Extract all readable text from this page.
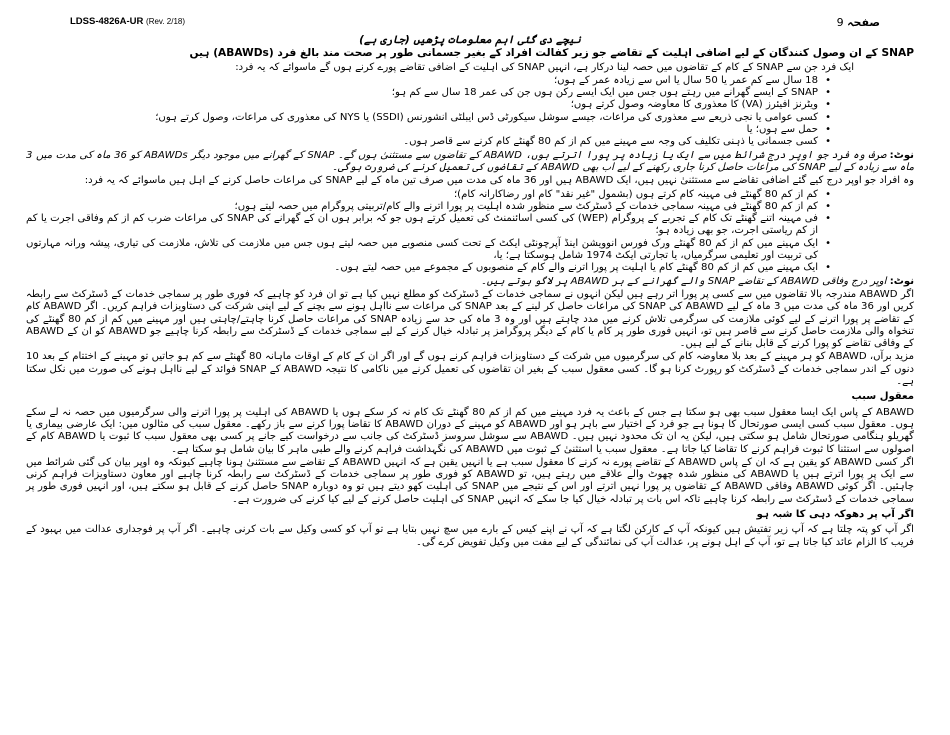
LDSS-4826A-UR (Rev. 2/18)	صفحہ 9

نیچے دی گئی اہم معلومات پڑھیں (جاری ہے)

SNAP کے ان وصول کنندگان کے لیے اضافی اہلیت کے تقاضے جو زیر کفالت افراد کے بغیر جسمانی طور پر صحت مند بالغ فرد (ABAWDs) ہیں

ایک فرد جن سے SNAP کے کام کے تقاضوں میں حصہ لینا درکار ہے، انہیں SNAP کی اہلیت کے اضافی تقاضے پورے کرنے ہوں گے ماسوائے کہ یہ فرد:

• 18 سال سے کم عمر یا 50 سال یا اس سے زیادہ عمر کے ہوں؛
• SNAP کے ایسے گھرانے میں رہتے ہوں جس میں ایک ایسے رکن ہوں جن کی عمر 18 سال سے کم ہو؛
• ویٹرنز افیئرز (VA) کا معذوری کا معاوضہ وصول کرتے ہوں؛
• کسی عوامی یا نجی ذریعے سے معذوری کی مراعات، جیسے سوشل سیکورٹی ڈس ایبلٹی انشورنس (SSDI) یا NYS کی معذوری کی مراعات، وصول کرتے ہوں؛
• حمل سے ہوں؛ یا
• کسی جسمانی یا ذہنی تکلیف کی وجہ سے مہینے میں کم از کم 80 گھنٹے کام کرنے سے قاصر ہوں۔

نوٹ: صرف وہ فرد جو اوپر درج شرائط میں سے ایک یا زیادہ پر پورا اترتے ہوں، ABAWD کے تقاضوں سے مستثنیٰ ہوں گے۔ SNAP کے گھرانے میں موجود دیگر ABAWDs کو 36 ماہ کی مدت میں 3 ماہ سے زیادہ کے لیے SNAP کی مراعات حاصل کرنا جاری رکھنے کے لیے اب بھی ABAWD کے تقاضوں کی تعمیل کرنے کی ضرورت ہوگی۔

وہ افراد جو اوپر درج کیے گئے اضافی تقاضے سے مستثنیٰ نہیں ہیں، ایک ABAWD ہیں اور 36 ماہ کی مدت میں صرف تین ماہ کے لیے SNAP کی مراعات حاصل کرنے کے اہل ہیں ماسوائے کہ یہ فرد:

• کم از کم 80 گھنٹے فی مہینہ کام کرتے ہوں (بشمول "غیر نقد" کام اور رضاکارانہ کام)؛
• کم از کم 80 گھنٹے فی مہینہ سماجی خدمات کے ڈسٹرکٹ سے منظور شدہ اہلیت پر پورا اترنے والے کام/تربیتی پروگرام میں حصہ لیتے ہوں؛
• فی مہینہ اتنے گھنٹے تک کام کے تجربے کے پروگرام (WEP) کی کسی اسائنمنٹ کی تعمیل کرتے ہوں جو کہ برابر ہوں ان کے گھرانے کی SNAP کی مراعات ضرب کم از کم وفاقی اجرت یا کم از کم ریاستی اجرت، جو بھی زیادہ ہو؛
• ایک مہینے میں کم از کم 80 گھنٹے ورک فورس انوویشن اینڈ آپرچونٹی ایکٹ کے تحت کسی منصوبے میں حصہ لیتے ہوں جس میں ملازمت کی تلاش، ملازمت کی تیاری، پیشہ ورانہ مہارتوں کی تربیت اور تعلیمی سرگرمیاں، یا تجارتی ایکٹ 1974 شامل ہوسکتا ہے؛ یا،
• ایک مہینے میں کم از کم 80 گھنٹے کام یا اہلیت پر پورا اترنے والے کام کے منصوبوں کے مجموعے میں حصہ لیتے ہوں۔

نوٹ: اوپر درج وفاقی ABAWD کے تقاضے SNAP والے گھرانے کے ہر ABAWD پر لاگو ہوتے ہیں۔

اگر ABAWD مندرجہ بالا تقاضوں میں سے کسی پر پورا اتر رہے ہیں لیکن انہوں نے سماجی خدمات کے ڈسٹرکٹ کو مطلع نہیں کیا ہے تو ان فرد کو چاہیے کہ فوری طور پر سماجی خدمات کے ڈسٹرکٹ سے رابطہ کریں اور 36 ماہ کی مدت میں 3 ماہ کے لیے ABAWD کی SNAP کی مراعات حاصل کر لینے کے بعد SNAP کی مراعات سے نااہل ہونے سے بچنے کے لیے اپنی شرکت کی دستاویزات فراہم کریں۔ اگر ABAWD کام کے تقاضے پر پورا اترنے کے لیے کوئی ملازمت کی سرگرمی تلاش کرنے میں مدد چاہتے ہیں اور وہ 3 ماہ کی حد سے زیادہ SNAP کی مراعات حاصل کرنا چاہتے/چاہتی ہیں اور مہینے میں کم از کم 80 گھنٹے کی تنخواہ والی ملازمت حاصل کرنے سے قاصر ہیں تو، انہیں فوری طور پر کام یا کام کے دیگر پروگرامز پر تبادلہ خیال کرنے کے لیے سماجی خدمات کے ڈسٹرکٹ سے رابطہ کرنا چاہیے جو ABAWD کو ان کے ABAWD کے وفاقی تقاضے کو پورا کرنے کے قابل بنانے کے لیے ہیں۔

مزید برآں، ABAWD کو ہر مہینے کے بعد بلا معاوضہ کام کی سرگرمیوں میں شرکت کے دستاویزات فراہم کرنے ہوں گے اور اگر ان کے کام کے اوقات ماہانہ 80 گھنٹے سے کم ہو جاتیں تو مہینے کے اختتام کے بعد 10 دنوں کے اندر سماجی خدمات کے ڈسٹرکٹ کو رپورٹ کرنا ہو گا۔ کسی معقول سبب کے بغیر ان تقاضوں کی تعمیل کرنے میں ناکامی کا نتیجہ ABAWD کے SNAP فوائد کے لیے نااہل ہونے کی صورت میں نکل سکتا ہے۔

معقول سبب

ABAWD کے پاس ایک ایسا معقول سبب بھی ہو سکتا ہے جس کے باعث یہ فرد مہینے میں کم از کم 80 گھنٹے تک کام نہ کر سکے ہوں یا ABAWD کی اہلیت پر پورا اترنے والی سرگرمیوں میں حصہ نہ لے سکے ہوں۔ معقول سبب کسی ایسی صورتحال کا ہونا ہے جو فرد کے اختیار سے باہر ہو اور ABAWD کو مہینے کے دوران ABAWD کا تقاضا پورا کرنے سے باز رکھے۔ معقول سبب کی مثالوں میں: ایک عارضی بیماری یا گھریلو ہنگامی صورتحال شامل ہو سکتی ہیں، لیکن یہ ان تک محدود نہیں ہیں۔ ABAWD سے سوشل سروسز ڈسٹرکٹ کی جانب سے درخواست کیے جانے پر کسی بھی معقول سبب کا ثبوت یا ABAWD کام کے اصولوں سے استثنا کا ثبوت فراہم کرنے کا تقاضا کیا جاتا ہے۔ معقول سبب یا استثنیٰ کے ثبوت میں ABAWD کی نگہداشت فراہم کرنے والے طبی ماہر کا بیان شامل ہو سکتا ہے۔

اگر کسی ABAWD کو یقین ہے کہ ان کے پاس ABAWD کے تقاضے پورے نہ کرنے کا معقول سبب ہے یا انہیں یقین ہے کہ انہیں ABAWD کے تقاضے سے مستثنیٰ ہونا چاہیے کیونکہ وہ اوپر بیان کی گئی شرائط میں سے ایک پر پورا اترتے ہیں یا ABAWD کی منظور شدہ چھوٹ والے علاقے میں رہتے ہیں، تو ABAWD کو فوری طور پر سماجی خدمات کے ڈسٹرکٹ سے رابطہ کرنا چاہیے اور معاون دستاویزات فراہم کرنی چاہئیں۔ اگر کوئی ABAWD وفاقی ABAWD کے تقاضوں پر پورا نہیں اترتے اور اس کے نتیجے میں SNAP کی اہلیت کھو دیتے ہیں تو وہ دوبارہ SNAP حاصل کرنے کے قابل ہو سکتے ہیں، اور انہیں فوری طور پر سماجی خدمات کے ڈسٹرکٹ سے رابطہ کرنا چاہیے تاکہ اس بات پر تبادلہ خیال کیا جا سکے کہ انہیں SNAP کی اہلیت حاصل کرنے کے لیے کیا کرنے کی ضرورت ہے۔

اگر آپ پر دھوکہ دہی کا شبہ ہو

اگر آپ کو پتہ چلتا ہے کہ آپ زیر تفتیش ہیں کیونکہ آپ کے کارکن لگتا ہے کہ آپ نے اپنے کیس کے بارے میں سچ نہیں بتایا ہے تو آپ کو کسی وکیل سے بات کرنی چاہیے۔ اگر آپ پر فوجداری عدالت میں بہبود کے فریب کا الزام عائد کیا جاتا ہے تو، آپ کے اہل ہونے پر، عدالت آپ کی نمائندگی کے لیے مفت میں وکیل تفویض کرے گی۔
